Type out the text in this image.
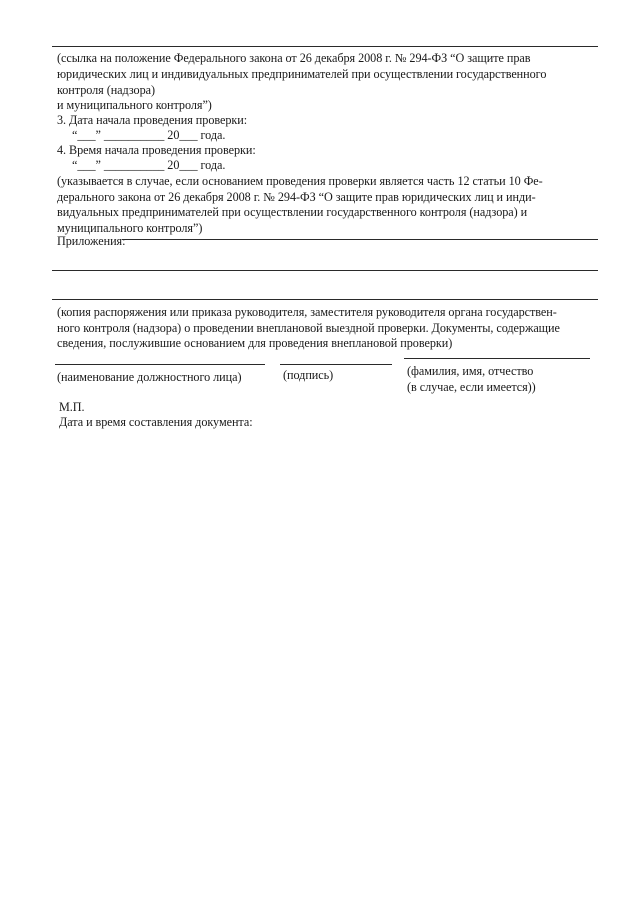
(ссылка на положение Федерального закона от 26 декабря 2008 г. № 294-ФЗ “О защите прав
юридических лиц и индивидуальных предпринимателей при осуществлении государственного
контроля (надзора)
и муниципального контроля”)
3. Дата начала проведения проверки:
“___” __________ 20___ года.
4. Время начала проведения проверки:
“___” __________ 20___ года.
(указывается в случае, если основанием проведения проверки является часть 12 статьи 10 Фе-
дерального закона от 26 декабря 2008 г. № 294-ФЗ “О защите прав юридических лиц и инди-
видуальных предпринимателей при осуществлении государственного контроля (надзора) и
муниципального контроля”)
Приложения:
(копия распоряжения или приказа руководителя, заместителя руководителя органа государствен-
ного контроля (надзора) о проведении внеплановой выездной проверки. Документы, содержащие
сведения, послужившие основанием для проведения внеплановой проверки)
(наименование должностного лица)	(подпись)	(фамилия, имя, отчество
(в случае, если имеется))
М.П.
Дата и время составления документа:
